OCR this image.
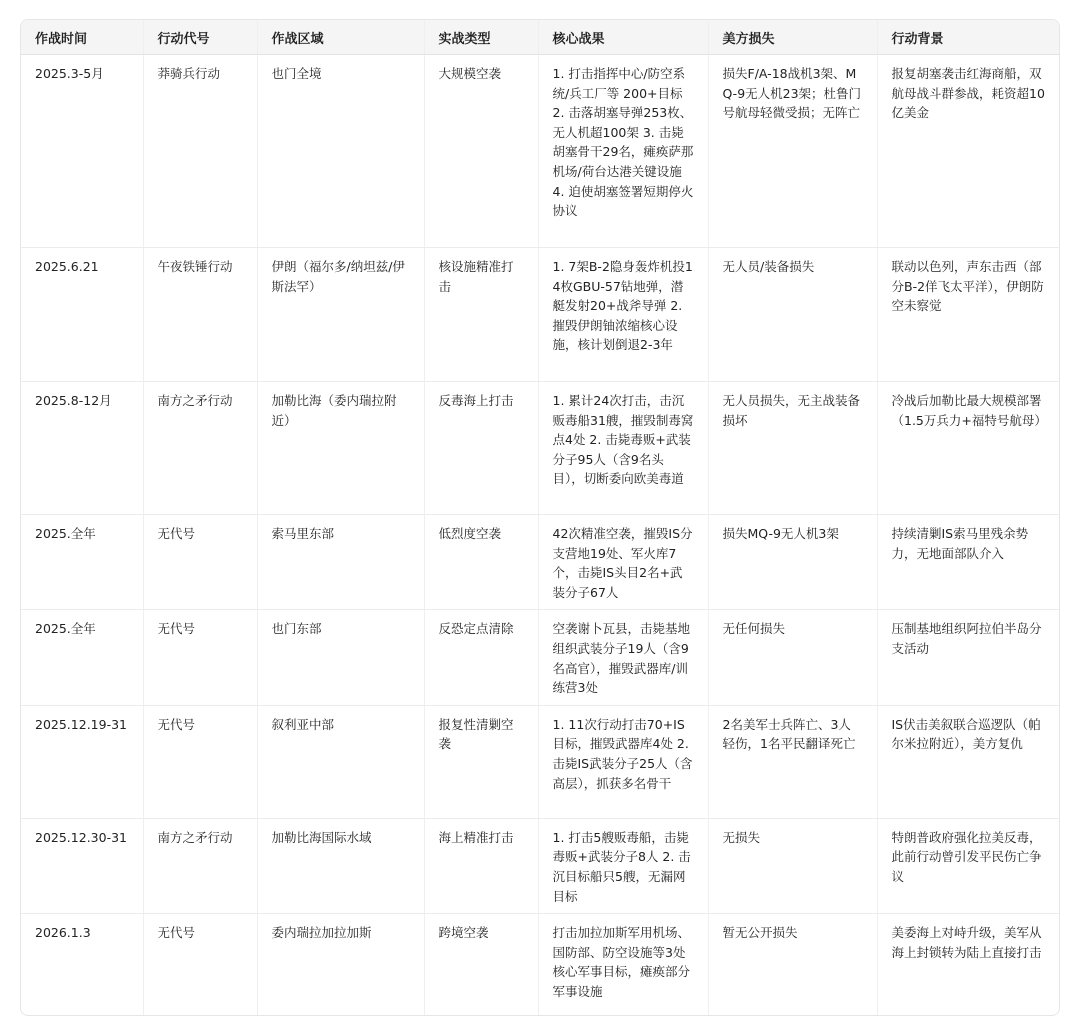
作战时间	行动代号	作战区域	实战类型	核心战果	美方损失	行动背景
2025.3-5月	莽骑兵行动	也门全境	大规模空袭	1. 打击指挥中心/防空系统/兵工厂等 200+目标 2. 击落胡塞导弹253枚、无人机超100架 3. 击毙胡塞骨干29名，瘫痪萨那机场/荷台达港关键设施 4. 迫使胡塞签署短期停火协议	损失F/A-18战机3架、MQ-9无人机23架；杜鲁门号航母轻微受损；无阵亡	报复胡塞袭击红海商船，双航母战斗群参战，耗资超10亿美金
2025.6.21	午夜铁锤行动	伊朗（福尔多/纳坦兹/伊斯法罕）	核设施精准打击	1. 7架B-2隐身轰炸机投14枚GBU-57钻地弹，潜艇发射20+战斧导弹 2. 摧毁伊朗铀浓缩核心设施，核计划倒退2-3年	无人员/装备损失	联动以色列，声东击西（部分B-2佯飞太平洋），伊朗防空未察觉
2025.8-12月	南方之矛行动	加勒比海（委内瑞拉附近）	反毒海上打击	1. 累计24次打击，击沉贩毒船31艘，摧毁制毒窝点4处 2. 击毙毒贩+武装分子95人（含9名头目），切断委向欧美毒道	无人员损失，无主战装备损坏	冷战后加勒比最大规模部署（1.5万兵力+福特号航母）
2025.全年	无代号	索马里东部	低烈度空袭	42次精准空袭，摧毁IS分支营地19处、军火库7个，击毙IS头目2名+武装分子67人	损失MQ-9无人机3架	持续清剿IS索马里残余势力，无地面部队介入
2025.全年	无代号	也门东部	反恐定点清除	空袭谢卜瓦县，击毙基地组织武装分子19人（含9名高官），摧毁武器库/训练营3处	无任何损失	压制基地组织阿拉伯半岛分支活动
2025.12.19-31	无代号	叙利亚中部	报复性清剿空袭	1. 11次行动打击70+IS目标，摧毁武器库4处 2. 击毙IS武装分子25人（含高层），抓获多名骨干	2名美军士兵阵亡、3人轻伤，1名平民翻译死亡	IS伏击美叙联合巡逻队（帕尔米拉附近），美方复仇
2025.12.30-31	南方之矛行动	加勒比海国际水域	海上精准打击	1. 打击5艘贩毒船，击毙毒贩+武装分子8人 2. 击沉目标船只5艘，无漏网目标	无损失	特朗普政府强化拉美反毒，此前行动曾引发平民伤亡争议
2026.1.3	无代号	委内瑞拉加拉加斯	跨境空袭	打击加拉加斯军用机场、国防部、防空设施等3处核心军事目标，瘫痪部分军事设施	暂无公开损失	美委海上对峙升级，美军从海上封锁转为陆上直接打击
